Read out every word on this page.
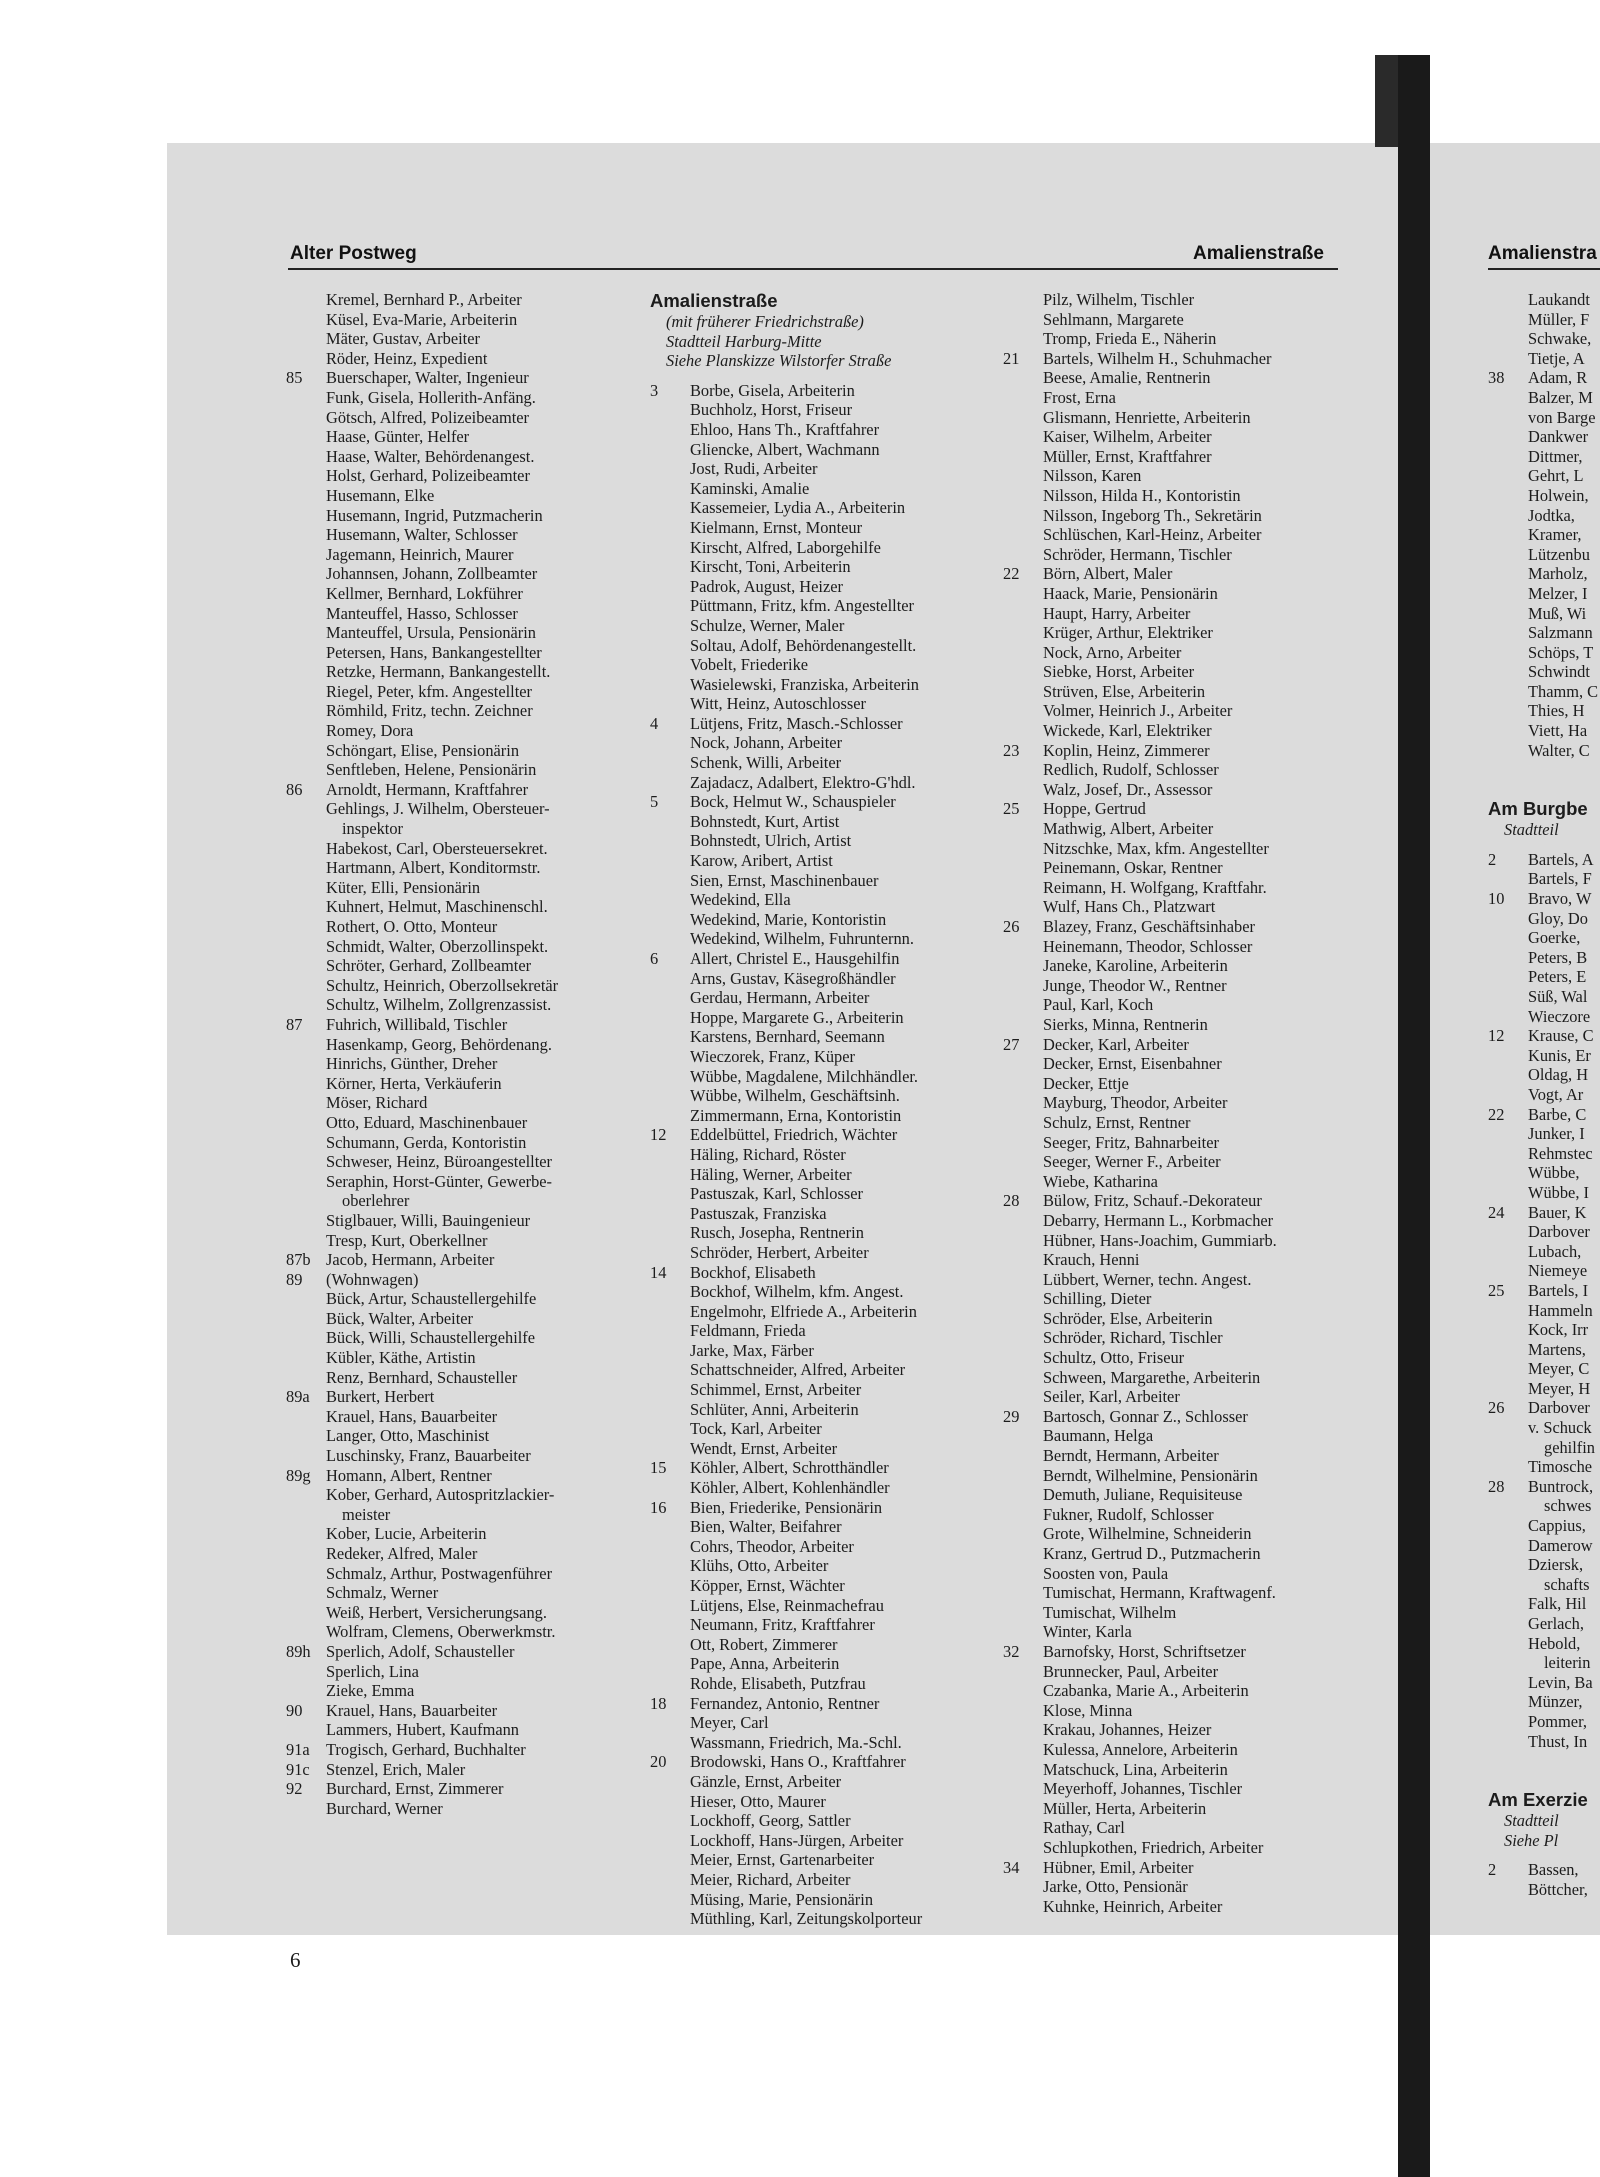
Alter Postweg	Amalienstraße	Amalienstra
Kremel, Bernhard P., Arbeiter
Küsel, Eva-Marie, Arbeiterin
Mäter, Gustav, Arbeiter
Röder, Heinz, Expedient
85	Buerschaper, Walter, Ingenieur
Funk, Gisela, Hollerith-Anfäng.
Götsch, Alfred, Polizeibeamter
Haase, Günter, Helfer
Haase, Walter, Behördenangest.
Holst, Gerhard, Polizeibeamter
Husemann, Elke
Husemann, Ingrid, Putzmacherin
Husemann, Walter, Schlosser
Jagemann, Heinrich, Maurer
Johannsen, Johann, Zollbeamter
Kellmer, Bernhard, Lokführer
Manteuffel, Hasso, Schlosser
Manteuffel, Ursula, Pensionärin
Petersen, Hans, Bankangestellter
Retzke, Hermann, Bankangestellt.
Riegel, Peter, kfm. Angestellter
Römhild, Fritz, techn. Zeichner
Romey, Dora
Schöngart, Elise, Pensionärin
Senftleben, Helene, Pensionärin
86	Arnoldt, Hermann, Kraftfahrer
Gehlings, J. Wilhelm, Obersteuer-
inspektor
Habekost, Carl, Obersteuersekret.
Hartmann, Albert, Konditormstr.
Küter, Elli, Pensionärin
Kuhnert, Helmut, Maschinenschl.
Rothert, O. Otto, Monteur
Schmidt, Walter, Oberzollinspekt.
Schröter, Gerhard, Zollbeamter
Schultz, Heinrich, Oberzollsekretär
Schultz, Wilhelm, Zollgrenzassist.
87	Fuhrich, Willibald, Tischler
Hasenkamp, Georg, Behördenang.
Hinrichs, Günther, Dreher
Körner, Herta, Verkäuferin
Möser, Richard
Otto, Eduard, Maschinenbauer
Schumann, Gerda, Kontoristin
Schweser, Heinz, Büroangestellter
Seraphin, Horst-Günter, Gewerbe-
oberlehrer
Stiglbauer, Willi, Bauingenieur
Tresp, Kurt, Oberkellner
87b Jacob, Hermann, Arbeiter
89	(Wohnwagen)
Bück, Artur, Schaustellergehilfe
Bück, Walter, Arbeiter
Bück, Willi, Schaustellergehilfe
Kübler, Käthe, Artistin
Renz, Bernhard, Schausteller
89a Burkert, Herbert
Krauel, Hans, Bauarbeiter
Langer, Otto, Maschinist
Luschinsky, Franz, Bauarbeiter
89g Homann, Albert, Rentner
Kober, Gerhard, Autospritzlackier-
meister
Kober, Lucie, Arbeiterin
Redeker, Alfred, Maler
Schmalz, Arthur, Postwagenführer
Schmalz, Werner
Weiß, Herbert, Versicherungsang.
Wolfram, Clemens, Oberwerkmstr.
89h Sperlich, Adolf, Schausteller
Sperlich, Lina
Zieke, Emma
90	Krauel, Hans, Bauarbeiter
Lammers, Hubert, Kaufmann
91a Trogisch, Gerhard, Buchhalter
91c Stenzel, Erich, Maler
92	Burchard, Ernst, Zimmerer
Burchard, Werner
Amalienstraße
(mit früherer Friedrichstraße)
Stadtteil Harburg-Mitte
Siehe Planskizze Wilstorfer Straße
3	Borbe, Gisela, Arbeiterin
Buchholz, Horst, Friseur
Ehloo, Hans Th., Kraftfahrer
Gliencke, Albert, Wachmann
Jost, Rudi, Arbeiter
Kaminski, Amalie
Kassemeier, Lydia A., Arbeiterin
Kielmann, Ernst, Monteur
Kirscht, Alfred, Laborgehilfe
Kirscht, Toni, Arbeiterin
Padrok, August, Heizer
Püttmann, Fritz, kfm. Angestellter
Schulze, Werner, Maler
Soltau, Adolf, Behördenangestellt.
Vobelt, Friederike
Wasielewski, Franziska, Arbeiterin
Witt, Heinz, Autoschlosser
4	Lütjens, Fritz, Masch.-Schlosser
Nock, Johann, Arbeiter
Schenk, Willi, Arbeiter
Zajadacz, Adalbert, Elektro-G'hdl.
5	Bock, Helmut W., Schauspieler
Bohnstedt, Kurt, Artist
Bohnstedt, Ulrich, Artist
Karow, Aribert, Artist
Sien, Ernst, Maschinenbauer
Wedekind, Ella
Wedekind, Marie, Kontoristin
Wedekind, Wilhelm, Fuhrunternn.
6	Allert, Christel E., Hausgehilfin
Arns, Gustav, Käsegroßhändler
Gerdau, Hermann, Arbeiter
Hoppe, Margarete G., Arbeiterin
Karstens, Bernhard, Seemann
Wieczorek, Franz, Küper
Wübbe, Magdalene, Milchhändler.
Wübbe, Wilhelm, Geschäftsinh.
Zimmermann, Erna, Kontoristin
12	Eddelbüttel, Friedrich, Wächter
Häling, Richard, Röster
Häling, Werner, Arbeiter
Pastuszak, Karl, Schlosser
Pastuszak, Franziska
Rusch, Josepha, Rentnerin
Schröder, Herbert, Arbeiter
14	Bockhof, Elisabeth
Bockhof, Wilhelm, kfm. Angest.
Engelmohr, Elfriede A., Arbeiterin
Feldmann, Frieda
Jarke, Max, Färber
Schattschneider, Alfred, Arbeiter
Schimmel, Ernst, Arbeiter
Schlüter, Anni, Arbeiterin
Tock, Karl, Arbeiter
Wendt, Ernst, Arbeiter
15	Köhler, Albert, Schrotthändler
Köhler, Albert, Kohlenhändler
16	Bien, Friederike, Pensionärin
Bien, Walter, Beifahrer
Cohrs, Theodor, Arbeiter
Klühs, Otto, Arbeiter
Köpper, Ernst, Wächter
Lütjens, Else, Reinmachefrau
Neumann, Fritz, Kraftfahrer
Ott, Robert, Zimmerer
Pape, Anna, Arbeiterin
Rohde, Elisabeth, Putzfrau
18	Fernandez, Antonio, Rentner
Meyer, Carl
Wassmann, Friedrich, Ma.-Schl.
20	Brodowski, Hans O., Kraftfahrer
Gänzle, Ernst, Arbeiter
Hieser, Otto, Maurer
Lockhoff, Georg, Sattler
Lockhoff, Hans-Jürgen, Arbeiter
Meier, Ernst, Gartenarbeiter
Meier, Richard, Arbeiter
Müsing, Marie, Pensionärin
Müthling, Karl, Zeitungskolporteur
Pilz, Wilhelm, Tischler
Sehlmann, Margarete
Tromp, Frieda E., Näherin
21	Bartels, Wilhelm H., Schuhmacher
Beese, Amalie, Rentnerin
Frost, Erna
Glismann, Henriette, Arbeiterin
Kaiser, Wilhelm, Arbeiter
Müller, Ernst, Kraftfahrer
Nilsson, Karen
Nilsson, Hilda H., Kontoristin
Nilsson, Ingeborg Th., Sekretärin
Schlüschen, Karl-Heinz, Arbeiter
Schröder, Hermann, Tischler
22	Börn, Albert, Maler
Haack, Marie, Pensionärin
Haupt, Harry, Arbeiter
Krüger, Arthur, Elektriker
Nock, Arno, Arbeiter
Siebke, Horst, Arbeiter
Strüven, Else, Arbeiterin
Volmer, Heinrich J., Arbeiter
Wickede, Karl, Elektriker
23	Koplin, Heinz, Zimmerer
Redlich, Rudolf, Schlosser
Walz, Josef, Dr., Assessor
25	Hoppe, Gertrud
Mathwig, Albert, Arbeiter
Nitzschke, Max, kfm. Angestellter
Peinemann, Oskar, Rentner
Reimann, H. Wolfgang, Kraftfahr.
Wulf, Hans Ch., Platzwart
26	Blazey, Franz, Geschäftsinhaber
Heinemann, Theodor, Schlosser
Janeke, Karoline, Arbeiterin
Junge, Theodor W., Rentner
Paul, Karl, Koch
Sierks, Minna, Rentnerin
27	Decker, Karl, Arbeiter
Decker, Ernst, Eisenbahner
Decker, Ettje
Mayburg, Theodor, Arbeiter
Schulz, Ernst, Rentner
Seeger, Fritz, Bahnarbeiter
Seeger, Werner F., Arbeiter
Wiebe, Katharina
28	Bülow, Fritz, Schauf.-Dekorateur
Debarry, Hermann L., Korbmacher
Hübner, Hans-Joachim, Gummiarb.
Krauch, Henni
Lübbert, Werner, techn. Angest.
Schilling, Dieter
Schröder, Else, Arbeiterin
Schröder, Richard, Tischler
Schultz, Otto, Friseur
Schween, Margarethe, Arbeiterin
Seiler, Karl, Arbeiter
29	Bartosch, Gonnar Z., Schlosser
Baumann, Helga
Berndt, Hermann, Arbeiter
Berndt, Wilhelmine, Pensionärin
Demuth, Juliane, Requisiteuse
Fukner, Rudolf, Schlosser
Grote, Wilhelmine, Schneiderin
Kranz, Gertrud D., Putzmacherin
Soosten von, Paula
Tumischat, Hermann, Kraftwagenf.
Tumischat, Wilhelm
Winter, Karla
32	Barnofsky, Horst, Schriftsetzer
Brunnecker, Paul, Arbeiter
Czabanka, Marie A., Arbeiterin
Klose, Minna
Krakau, Johannes, Heizer
Kulessa, Annelore, Arbeiterin
Matschuck, Lina, Arbeiterin
Meyerhoff, Johannes, Tischler
Müller, Herta, Arbeiterin
Rathay, Carl
Schlupkothen, Friedrich, Arbeiter
34	Hübner, Emil, Arbeiter
Jarke, Otto, Pensionär
Kuhnke, Heinrich, Arbeiter
Laukandt
Müller, F
Schwake,
Tietje, A
38	Adam, R
Balzer, M
von Barge
Dankwer
Dittmer,
Gehrt, L
Holwein,
Jodtka,
Kramer,
Lützenbu
Marholz,
Melzer, I
Muß, Wi
Salzmann
Schöps, T
Schwindt
Thamm, C
Thies, H
Viett, Ha
Walter, C
Am Burgbe
Stadtteil
2	Bartels, A
Bartels, F
10	Bravo, W
Gloy, Do
Goerke,
Peters, B
Peters, E
Süß, Wal
Wieczore
12	Krause, C
Kunis, Er
Oldag, H
Vogt, Ar
22	Barbe, C
Junker, I
Rehmstec
Wübbe,
Wübbe, I
24	Bauer, K
Darbover
Lubach,
Niemeye
25	Bartels, I
Hammeln
Kock, Irr
Martens,
Meyer, C
Meyer, H
26	Darbover
v. Schuck
gehilfin
Timosche
28	Buntrock,
schwes
Cappius,
Damerow
Dziersk,
schafts
Falk, Hil
Gerlach,
Hebold,
leiterin
Levin, Ba
Münzer,
Pommer,
Thust, In
Am Exerzie
Stadtteil
Siehe Pl
2	Bassen,
Böttcher,
6
